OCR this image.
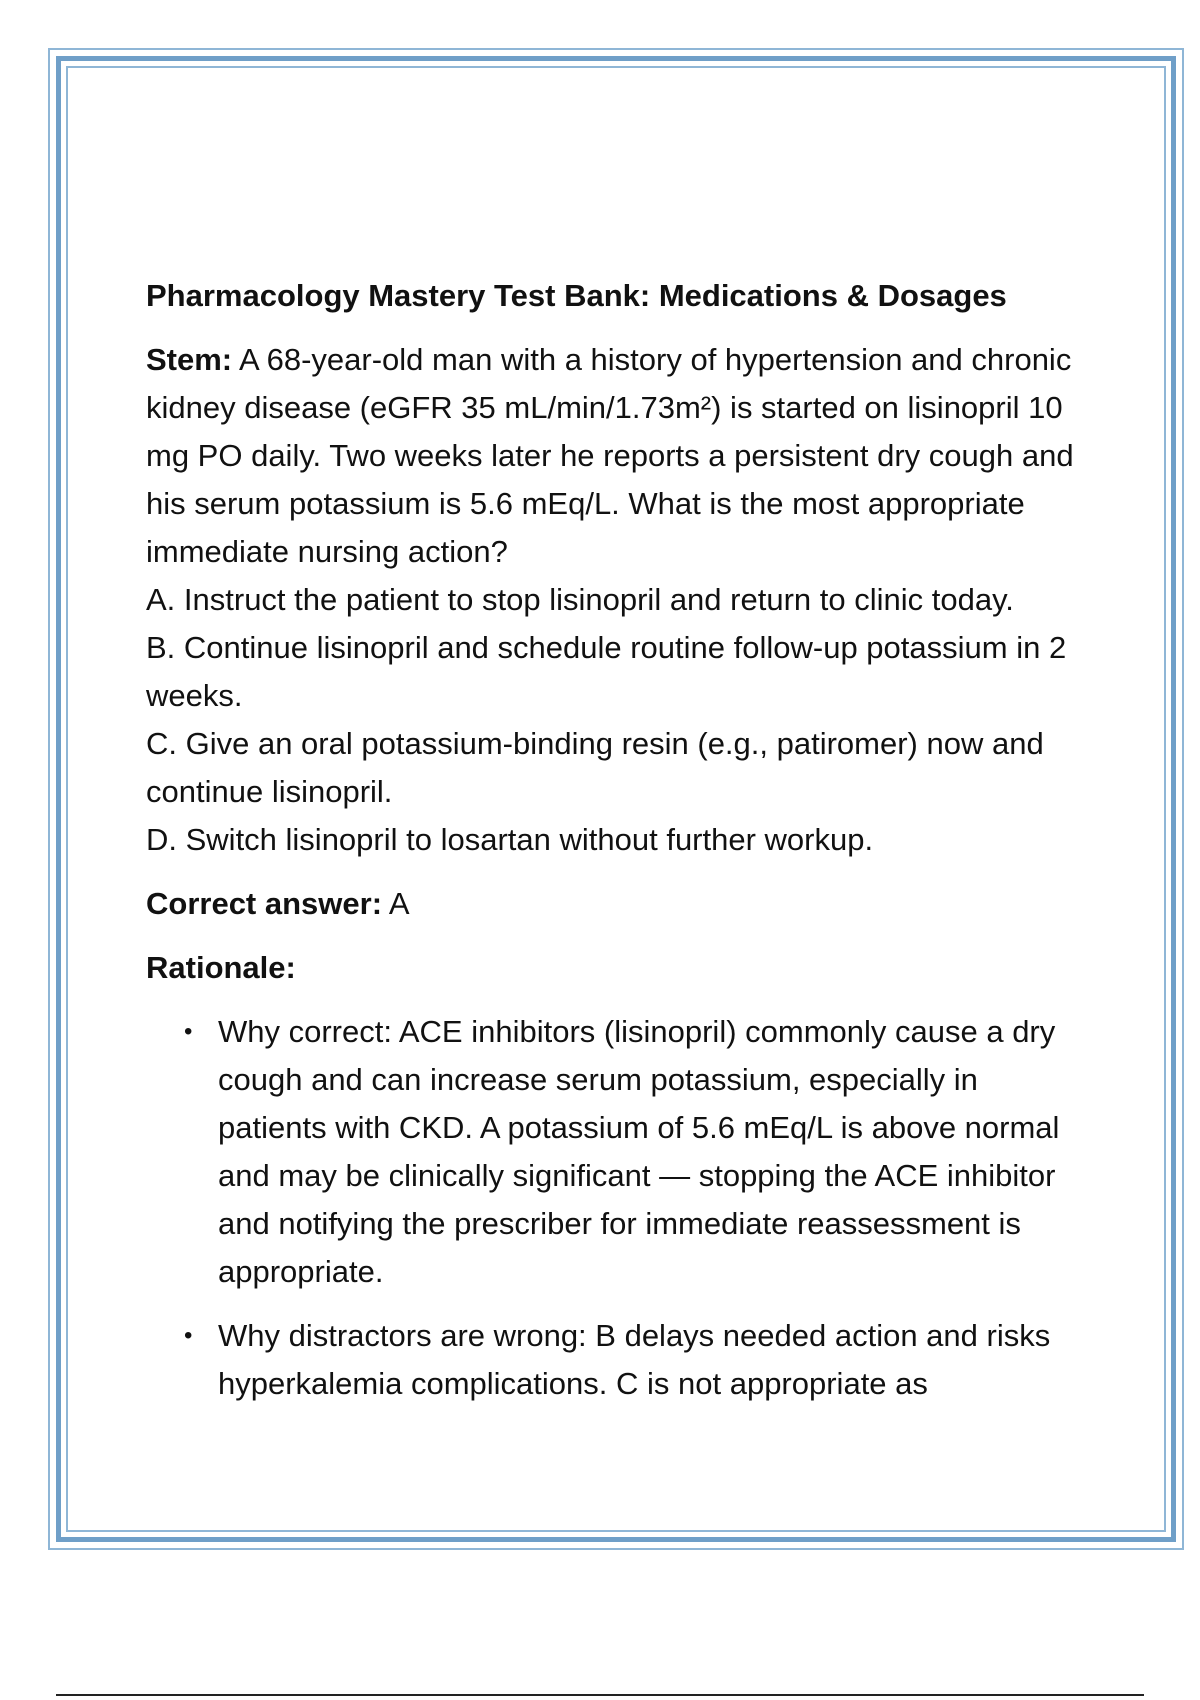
Pharmacology Mastery Test Bank: Medications & Dosages

Stem: A 68-year-old man with a history of hypertension and chronic kidney disease (eGFR 35 mL/min/1.73m²) is started on lisinopril 10 mg PO daily. Two weeks later he reports a persistent dry cough and his serum potassium is 5.6 mEq/L. What is the most appropriate immediate nursing action?

A. Instruct the patient to stop lisinopril and return to clinic today.
B. Continue lisinopril and schedule routine follow-up potassium in 2 weeks.
C. Give an oral potassium-binding resin (e.g., patiromer) now and continue lisinopril.
D. Switch lisinopril to losartan without further workup.

Correct answer: A

Rationale:

• Why correct: ACE inhibitors (lisinopril) commonly cause a dry cough and can increase serum potassium, especially in patients with CKD. A potassium of 5.6 mEq/L is above normal and may be clinically significant — stopping the ACE inhibitor and notifying the prescriber for immediate reassessment is appropriate.
• Why distractors are wrong: B delays needed action and risks hyperkalemia complications. C is not appropriate as
